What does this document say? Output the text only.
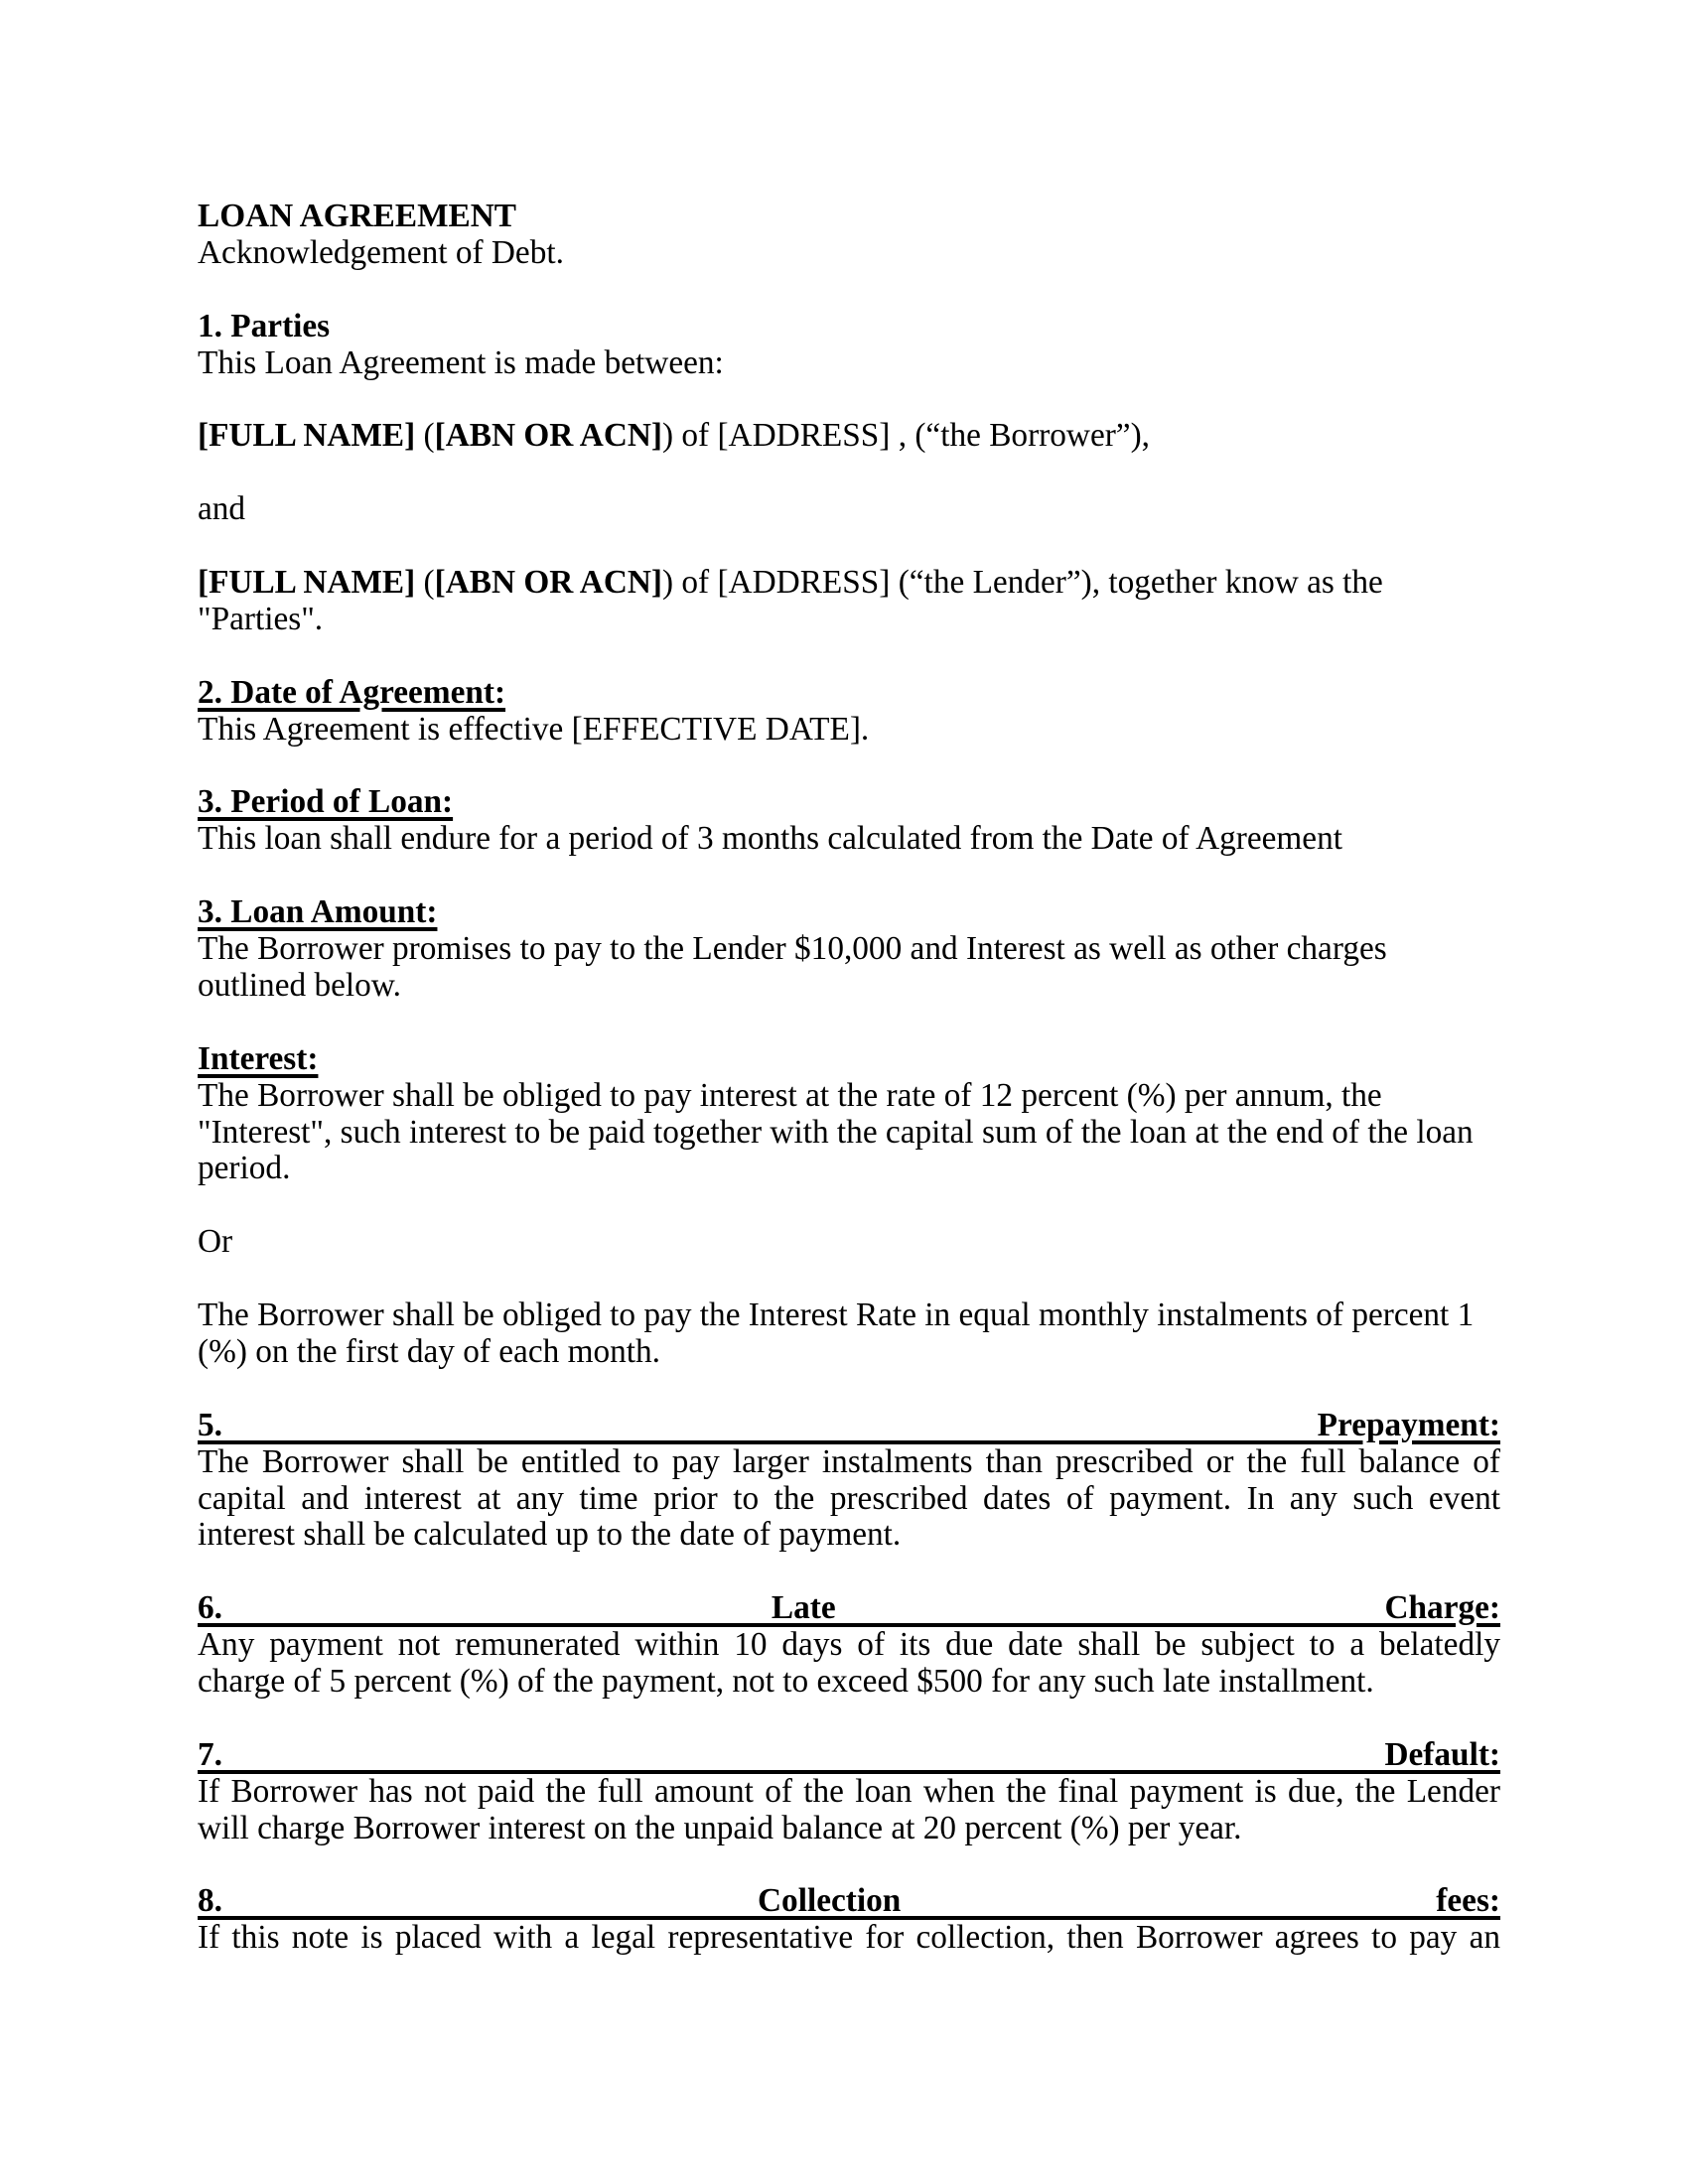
LOAN AGREEMENT
Acknowledgement of Debt.
1. Parties
This Loan Agreement is made between:
[FULL NAME] ([ABN OR ACN]) of [ADDRESS] , (“the Borrower”),
and
[FULL NAME] ([ABN OR ACN]) of [ADDRESS] (“the Lender”), together know as the
"Parties".
2. Date of Agreement:
This Agreement is effective [EFFECTIVE DATE].
3. Period of Loan:
This loan shall endure for a period of 3 months calculated from the Date of Agreement
3. Loan Amount:
The Borrower promises to pay to the Lender $10,000 and Interest as well as other charges
outlined below.
Interest:
The Borrower shall be obliged to pay interest at the rate of 12 percent (%) per annum, the
"Interest", such interest to be paid together with the capital sum of the loan at the end of the loan
period.
Or
The Borrower shall be obliged to pay the Interest Rate in equal monthly instalments of percent 1
(%) on the first day of each month.
5. Prepayment:
The Borrower shall be entitled to pay larger instalments than prescribed or the full balance of
capital and interest at any time prior to the prescribed dates of payment. In any such event
interest shall be calculated up to the date of payment.
6. Late Charge:
Any payment not remunerated within 10 days of its due date shall be subject to a belatedly
charge of 5 percent (%) of the payment, not to exceed $500 for any such late installment.
7. Default:
If Borrower has not paid the full amount of the loan when the final payment is due, the Lender
will charge Borrower interest on the unpaid balance at 20 percent (%) per year.
8. Collection fees:
If this note is placed with a legal representative for collection, then Borrower agrees to pay an
